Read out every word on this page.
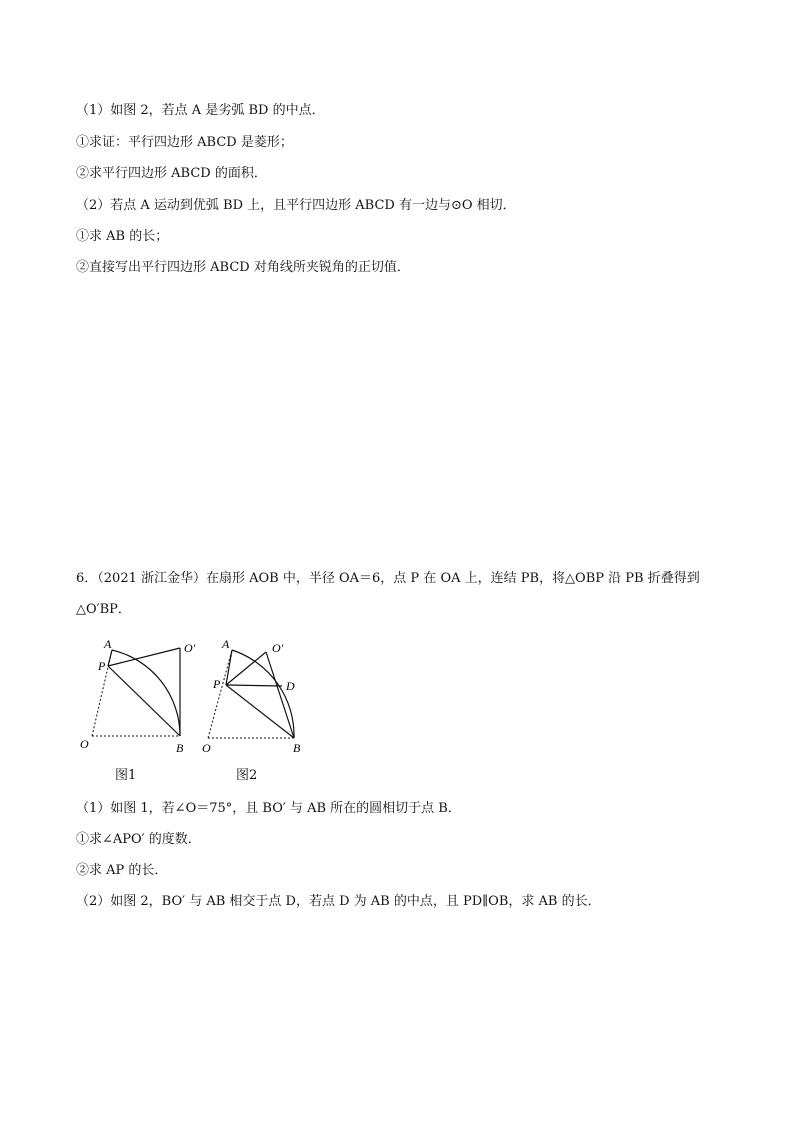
（1）如图 2，若点 A 是劣弧 BD 的中点．
①求证：平行四边形 ABCD 是菱形；
②求平行四边形 ABCD 的面积．
（2）若点 A 运动到优弧 BD 上，且平行四边形 ABCD 有一边与⊙O 相切．
①求 AB 的长；
②直接写出平行四边形 ABCD 对角线所夹锐角的正切值．
6．（2021 浙江金华）在扇形 AOB 中，半径 OA＝6，点 P 在 OA 上，连结 PB，将△OBP 沿 PB 折叠得到
△O′BP．
A	O′
P
O	B
图1
A	O′
P	D
O	B
图2
（1）如图 1，若∠O＝75°，且 BO′ 与 AB 所在的圆相切于点 B．
①求∠APO′ 的度数．
②求 AP 的长．
（2）如图 2，BO′ 与 AB 相交于点 D，若点 D 为 AB 的中点，且 PD∥OB，求 AB 的长．
